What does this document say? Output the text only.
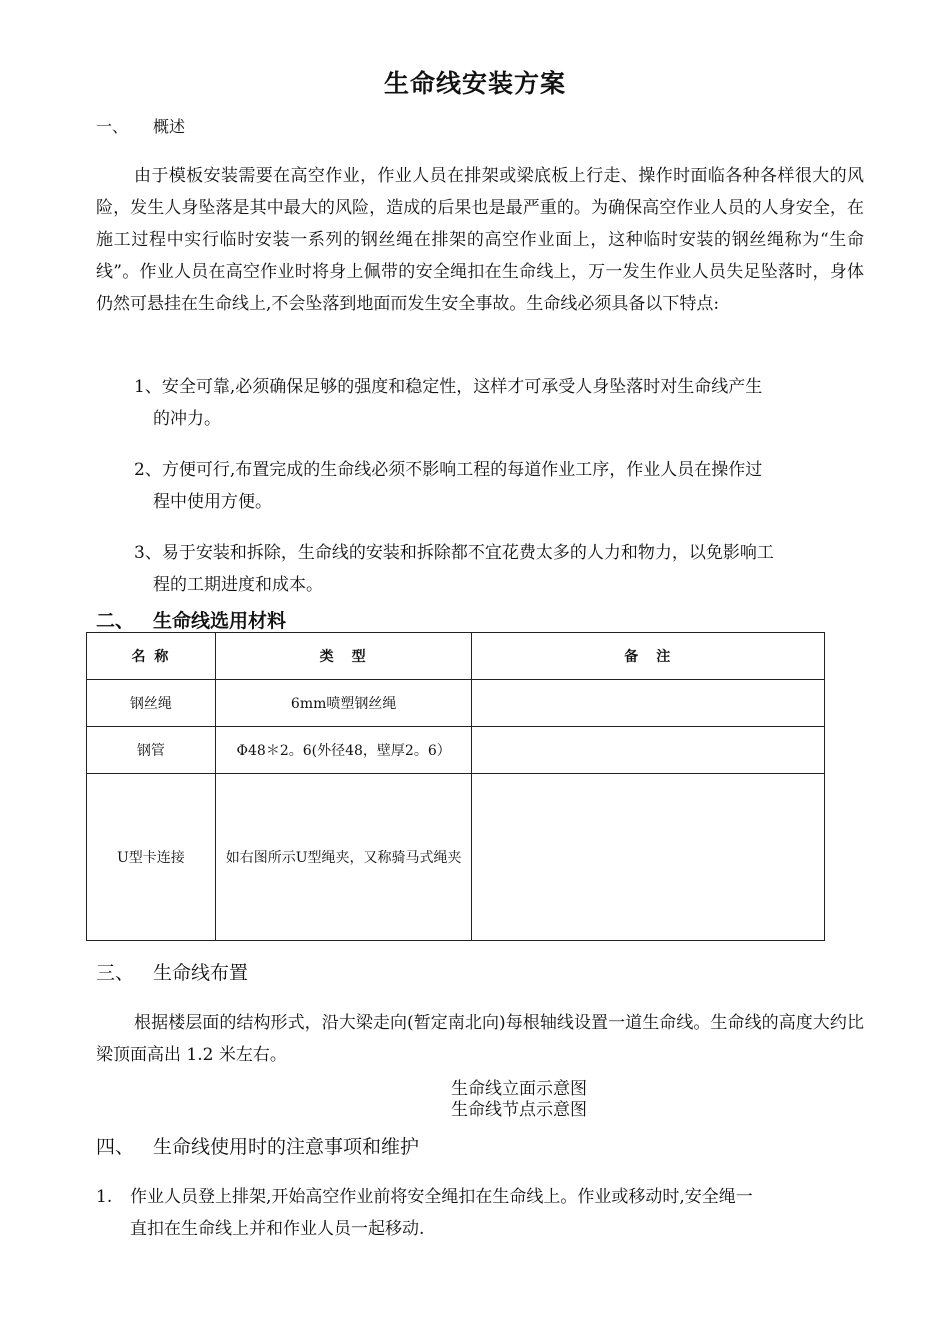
生命线安装方案
一、 概述
由于模板安装需要在高空作业，作业人员在排架或梁底板上行走、操作时面临各种各样很大的风险，发生人身坠落是其中最大的风险，造成的后果也是最严重的。为确保高空作业人员的人身安全，在施工过程中实行临时安装一系列的钢丝绳在排架的高空作业面上，这种临时安装的钢丝绳称为“生命线”。作业人员在高空作业时将身上佩带的安全绳扣在生命线上，万一发生作业人员失足坠落时，身体仍然可悬挂在生命线上,不会坠落到地面而发生安全事故。生命线必须具备以下特点:
1、安全可靠,必须确保足够的强度和稳定性，这样才可承受人身坠落时对生命线产生
的冲力。
2、方便可行,布置完成的生命线必须不影响工程的每道作业工序，作业人员在操作过
程中使用方便。
3、易于安装和拆除，生命线的安装和拆除都不宜花费太多的人力和物力，以免影响工
程的工期进度和成本。
二、 生命线选用材料
名 称	类　型	备　注
钢丝绳	6mm喷塑钢丝绳	
钢管	Φ48＊2。6(外径48，壁厚2。6）	
U型卡连接	如右图所示U型绳夹，又称骑马式绳夹	
三、 生命线布置
根据楼层面的结构形式，沿大梁走向(暂定南北向)每根轴线设置一道生命线。生命线的高度大约比梁顶面高出 1.2 米左右。
生命线立面示意图
生命线节点示意图
四、 生命线使用时的注意事项和维护
1. 作业人员登上排架,开始高空作业前将安全绳扣在生命线上。作业或移动时,安全绳一
直扣在生命线上并和作业人员一起移动.
